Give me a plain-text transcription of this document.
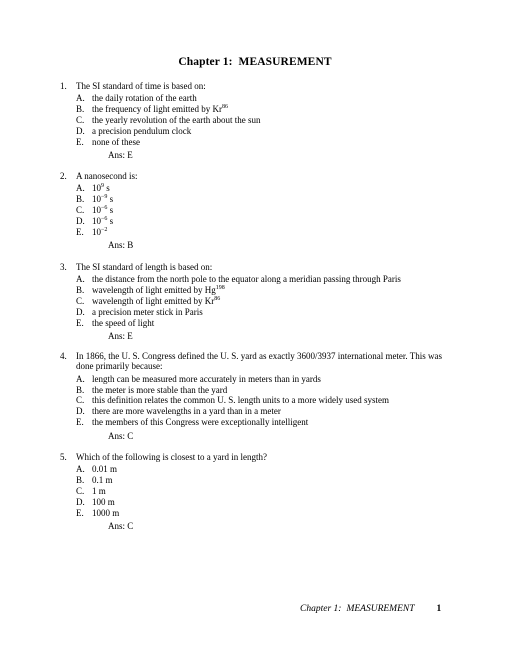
Chapter 1: MEASUREMENT
1. The SI standard of time is based on:
A. the daily rotation of the earth
B. the frequency of light emitted by Kr$^{86}$
C. the yearly revolution of the earth about the sun
D. a precision pendulum clock
E. none of these
Ans: E
2. A nanosecond is:
A. $10^9$ s
B. $10^{-9}$ s
C. $10^{-6}$ s
D. $10^{-6}$ s
E. $10^{-2}$
Ans: B
3. The SI standard of length is based on:
A. the distance from the north pole to the equator along a meridian passing through Paris
B. wavelength of light emitted by Hg$^{198}$
C. wavelength of light emitted by Kr$^{86}$
D. a precision meter stick in Paris
E. the speed of light
Ans: E
4. In 1866, the U. S. Congress defined the U. S. yard as exactly 3600/3937 international meter. This was done primarily because:
A. length can be measured more accurately in meters than in yards
B. the meter is more stable than the yard
C. this definition relates the common U. S. length units to a more widely used system
D. there are more wavelengths in a yard than in a meter
E. the members of this Congress were exceptionally intelligent
Ans: C
5. Which of the following is closest to a yard in length?
A. 0.01 m
B. 0.1 m
C. 1 m
D. 100 m
E. 1000 m
Ans: C
Chapter 1: MEASUREMENT 1
